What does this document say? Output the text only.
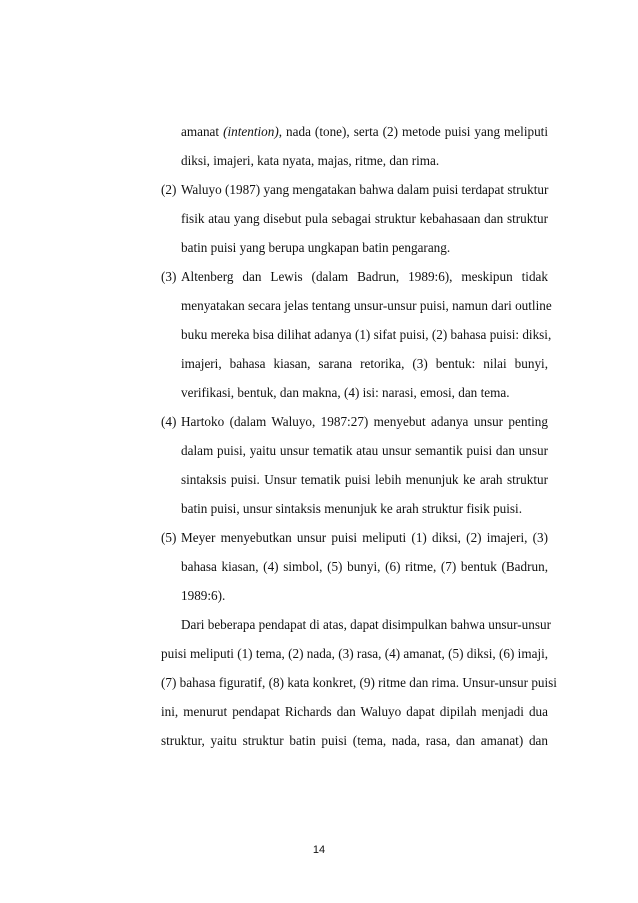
amanat (intention), nada (tone), serta (2) metode puisi yang meliputi
diksi, imajeri, kata nyata, majas, ritme, dan rima.
(2) Waluyo (1987) yang mengatakan bahwa dalam puisi terdapat struktur
fisik atau yang disebut pula sebagai struktur kebahasaan dan struktur
batin puisi yang berupa ungkapan batin pengarang.
(3) Altenberg dan Lewis (dalam Badrun, 1989:6), meskipun tidak
menyatakan secara jelas tentang unsur-unsur puisi, namun dari outline
buku mereka bisa dilihat adanya (1) sifat puisi, (2) bahasa puisi: diksi,
imajeri, bahasa kiasan, sarana retorika, (3) bentuk: nilai bunyi,
verifikasi, bentuk, dan makna, (4) isi: narasi, emosi, dan tema.
(4) Hartoko (dalam Waluyo, 1987:27) menyebut adanya unsur penting
dalam puisi, yaitu unsur tematik atau unsur semantik puisi dan unsur
sintaksis puisi. Unsur tematik puisi lebih menunjuk ke arah struktur
batin puisi, unsur sintaksis menunjuk ke arah struktur fisik puisi.
(5) Meyer menyebutkan unsur puisi meliputi (1) diksi, (2) imajeri, (3)
bahasa kiasan, (4) simbol, (5) bunyi, (6) ritme, (7) bentuk (Badrun,
1989:6).
Dari beberapa pendapat di atas, dapat disimpulkan bahwa unsur-unsur
puisi meliputi (1) tema, (2) nada, (3) rasa, (4) amanat, (5) diksi, (6) imaji,
(7) bahasa figuratif, (8) kata konkret, (9) ritme dan rima. Unsur-unsur puisi
ini, menurut pendapat Richards dan Waluyo dapat dipilah menjadi dua
struktur, yaitu struktur batin puisi (tema, nada, rasa, dan amanat) dan
14
